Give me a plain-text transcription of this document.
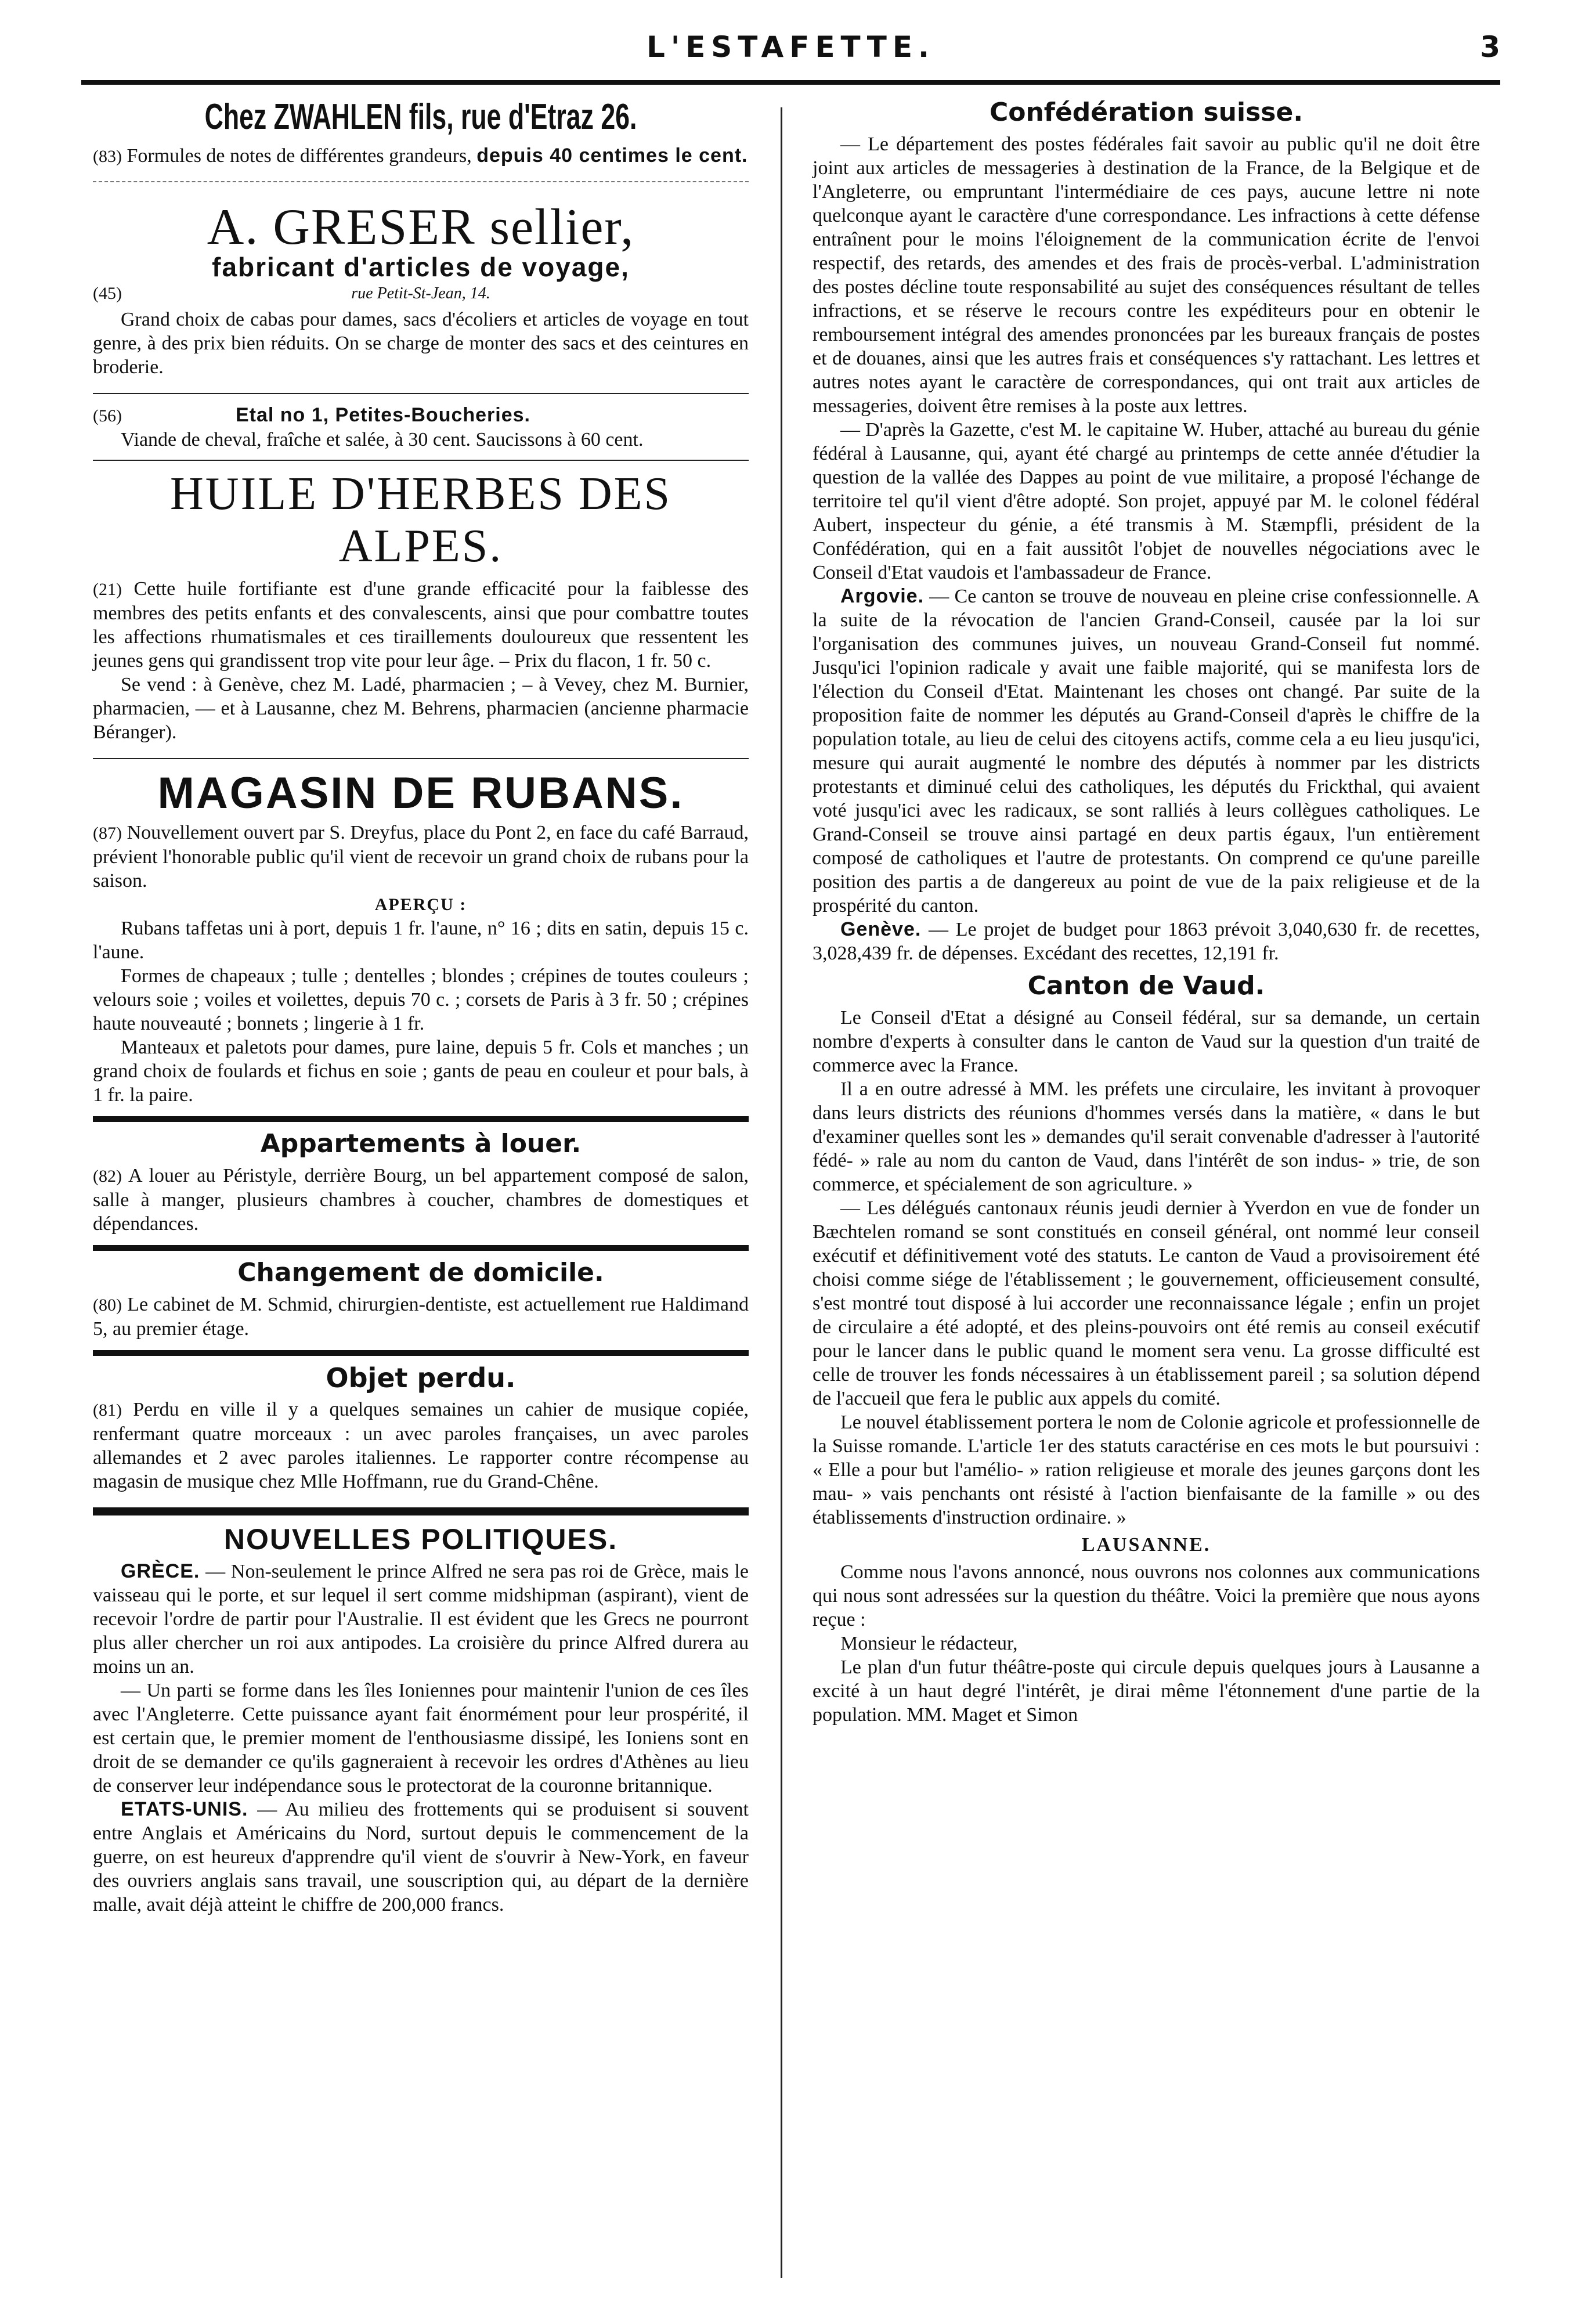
L'ESTAFETTE.	3
Chez ZWAHLEN fils, rue d'Etraz 26.

(83) Formules de notes de différentes grandeurs, depuis 40 centimes le cent.

A. GRESER sellier,
fabricant d'articles de voyage,
(45)	rue Petit-St-Jean, 14.

Grand choix de cabas pour dames, sacs d'écoliers et articles de voyage en tout genre, à des prix bien réduits. On se charge de monter des sacs et des ceintures en broderie.

(56)	Etal no 1, Petites-Boucheries.

Viande de cheval, fraîche et salée, à 30 cent. Saucissons à 60 cent.

HUILE D'HERBES DES ALPES.

(21) Cette huile fortifiante est d'une grande efficacité pour la faiblesse des membres des petits enfants et des convalescents, ainsi que pour combattre toutes les affections rhumatismales et ces tiraillements douloureux que ressentent les jeunes gens qui grandissent trop vite pour leur âge. – Prix du flacon, 1 fr. 50 c.

Se vend : à Genève, chez M. Ladé, pharmacien ; – à Vevey, chez M. Burnier, pharmacien, — et à Lausanne, chez M. Behrens, pharmacien (ancienne pharmacie Béranger).

MAGASIN DE RUBANS.

(87) Nouvellement ouvert par S. Dreyfus, place du Pont 2, en face du café Barraud, prévient l'honorable public qu'il vient de recevoir un grand choix de rubans pour la saison.

APERÇU :

Rubans taffetas uni à port, depuis 1 fr. l'aune, n° 16 ; dits en satin, depuis 15 c. l'aune.

Formes de chapeaux ; tulle ; dentelles ; blondes ; crépines de toutes couleurs ; velours soie ; voiles et voilettes, depuis 70 c. ; corsets de Paris à 3 fr. 50 ; crépines haute nouveauté ; bonnets ; lingerie à 1 fr.

Manteaux et paletots pour dames, pure laine, depuis 5 fr. Cols et manches ; un grand choix de foulards et fichus en soie ; gants de peau en couleur et pour bals, à 1 fr. la paire.

Appartements à louer.

(82) A louer au Péristyle, derrière Bourg, un bel appartement composé de salon, salle à manger, plusieurs chambres à coucher, chambres de domestiques et dépendances.

Changement de domicile.

(80) Le cabinet de M. Schmid, chirurgien-dentiste, est actuellement rue Haldimand 5, au premier étage.

Objet perdu.

(81) Perdu en ville il y a quelques semaines un cahier de musique copiée, renfermant quatre morceaux : un avec paroles françaises, un avec paroles allemandes et 2 avec paroles italiennes. Le rapporter contre récompense au magasin de musique chez Mlle Hoffmann, rue du Grand-Chêne.

NOUVELLES POLITIQUES.

GRÈCE. — Non-seulement le prince Alfred ne sera pas roi de Grèce, mais le vaisseau qui le porte, et sur lequel il sert comme midshipman (aspirant), vient de recevoir l'ordre de partir pour l'Australie. Il est évident que les Grecs ne pourront plus aller chercher un roi aux antipodes. La croisière du prince Alfred durera au moins un an.

— Un parti se forme dans les îles Ioniennes pour maintenir l'union de ces îles avec l'Angleterre. Cette puissance ayant fait énormément pour leur prospérité, il est certain que, le premier moment de l'enthousiasme dissipé, les Ioniens sont en droit de se demander ce qu'ils gagneraient à recevoir les ordres d'Athènes au lieu de conserver leur indépendance sous le protectorat de la couronne britannique.

ETATS-UNIS. — Au milieu des frottements qui se produisent si souvent entre Anglais et Américains du Nord, surtout depuis le commencement de la guerre, on est heureux d'apprendre qu'il vient de s'ouvrir à New-York, en faveur des ouvriers anglais sans travail, une souscription qui, au départ de la dernière malle, avait déjà atteint le chiffre de 200,000 francs.

Confédération suisse.

— Le département des postes fédérales fait savoir au public qu'il ne doit être joint aux articles de messageries à destination de la France, de la Belgique et de l'Angleterre, ou empruntant l'intermédiaire de ces pays, aucune lettre ni note quelconque ayant le caractère d'une correspondance. Les infractions à cette défense entraînent pour le moins l'éloignement de la communication écrite de l'envoi respectif, des retards, des amendes et des frais de procès-verbal. L'administration des postes décline toute responsabilité au sujet des conséquences résultant de telles infractions, et se réserve le recours contre les expéditeurs pour en obtenir le remboursement intégral des amendes prononcées par les bureaux français de postes et de douanes, ainsi que les autres frais et conséquences s'y rattachant. Les lettres et autres notes ayant le caractère de correspondances, qui ont trait aux articles de messageries, doivent être remises à la poste aux lettres.

— D'après la Gazette, c'est M. le capitaine W. Huber, attaché au bureau du génie fédéral à Lausanne, qui, ayant été chargé au printemps de cette année d'étudier la question de la vallée des Dappes au point de vue militaire, a proposé l'échange de territoire tel qu'il vient d'être adopté. Son projet, appuyé par M. le colonel fédéral Aubert, inspecteur du génie, a été transmis à M. Stæmpfli, président de la Confédération, qui en a fait aussitôt l'objet de nouvelles négociations avec le Conseil d'Etat vaudois et l'ambassadeur de France.

Argovie. — Ce canton se trouve de nouveau en pleine crise confessionnelle. A la suite de la révocation de l'ancien Grand-Conseil, causée par la loi sur l'organisation des communes juives, un nouveau Grand-Conseil fut nommé. Jusqu'ici l'opinion radicale y avait une faible majorité, qui se manifesta lors de l'élection du Conseil d'Etat. Maintenant les choses ont changé. Par suite de la proposition faite de nommer les députés au Grand-Conseil d'après le chiffre de la population totale, au lieu de celui des citoyens actifs, comme cela a eu lieu jusqu'ici, mesure qui aurait augmenté le nombre des députés à nommer par les districts protestants et diminué celui des catholiques, les députés du Frickthal, qui avaient voté jusqu'ici avec les radicaux, se sont ralliés à leurs collègues catholiques. Le Grand-Conseil se trouve ainsi partagé en deux partis égaux, l'un entièrement composé de catholiques et l'autre de protestants. On comprend ce qu'une pareille position des partis a de dangereux au point de vue de la paix religieuse et de la prospérité du canton.

Genève. — Le projet de budget pour 1863 prévoit 3,040,630 fr. de recettes, 3,028,439 fr. de dépenses. Excédant des recettes, 12,191 fr.

Canton de Vaud.

Le Conseil d'Etat a désigné au Conseil fédéral, sur sa demande, un certain nombre d'experts à consulter dans le canton de Vaud sur la question d'un traité de commerce avec la France.

Il a en outre adressé à MM. les préfets une circulaire, les invitant à provoquer dans leurs districts des réunions d'hommes versés dans la matière, « dans le but d'examiner quelles sont les » demandes qu'il serait convenable d'adresser à l'autorité fédé- » rale au nom du canton de Vaud, dans l'intérêt de son indus- » trie, de son commerce, et spécialement de son agriculture. »

— Les délégués cantonaux réunis jeudi dernier à Yverdon en vue de fonder un Bæchtelen romand se sont constitués en conseil général, ont nommé leur conseil exécutif et définitivement voté des statuts. Le canton de Vaud a provisoirement été choisi comme siége de l'établissement ; le gouvernement, officieusement consulté, s'est montré tout disposé à lui accorder une reconnaissance légale ; enfin un projet de circulaire a été adopté, et des pleins-pouvoirs ont été remis au conseil exécutif pour le lancer dans le public quand le moment sera venu. La grosse difficulté est celle de trouver les fonds nécessaires à un établissement pareil ; sa solution dépend de l'accueil que fera le public aux appels du comité.

Le nouvel établissement portera le nom de Colonie agricole et professionnelle de la Suisse romande. L'article 1er des statuts caractérise en ces mots le but poursuivi : « Elle a pour but l'amélio- » ration religieuse et morale des jeunes garçons dont les mau- » vais penchants ont résisté à l'action bienfaisante de la famille » ou des établissements d'instruction ordinaire. »

LAUSANNE.

Comme nous l'avons annoncé, nous ouvrons nos colonnes aux communications qui nous sont adressées sur la question du théâtre. Voici la première que nous ayons reçue :

Monsieur le rédacteur,

Le plan d'un futur théâtre-poste qui circule depuis quelques jours à Lausanne a excité à un haut degré l'intérêt, je dirai même l'étonnement d'une partie de la population. MM. Maget et Simon
